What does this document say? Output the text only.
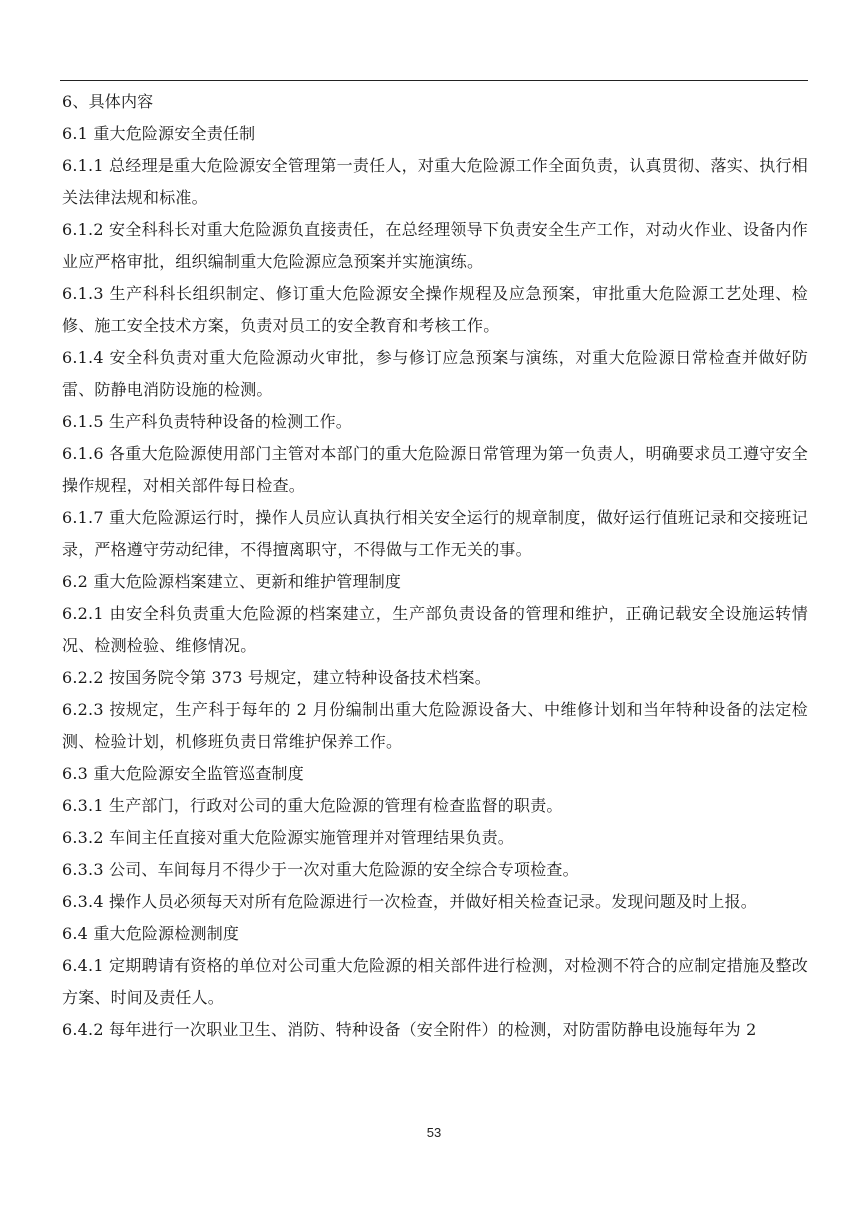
6、具体内容

6.1 重大危险源安全责任制

6.1.1 总经理是重大危险源安全管理第一责任人，对重大危险源工作全面负责，认真贯彻、落实、执行相关法律法规和标准。

6.1.2 安全科科长对重大危险源负直接责任，在总经理领导下负责安全生产工作，对动火作业、设备内作业应严格审批，组织编制重大危险源应急预案并实施演练。

6.1.3 生产科科长组织制定、修订重大危险源安全操作规程及应急预案，审批重大危险源工艺处理、检修、施工安全技术方案，负责对员工的安全教育和考核工作。

6.1.4 安全科负责对重大危险源动火审批，参与修订应急预案与演练，对重大危险源日常检查并做好防雷、防静电消防设施的检测。

6.1.5 生产科负责特种设备的检测工作。

6.1.6 各重大危险源使用部门主管对本部门的重大危险源日常管理为第一负责人，明确要求员工遵守安全操作规程，对相关部件每日检查。

6.1.7 重大危险源运行时，操作人员应认真执行相关安全运行的规章制度，做好运行值班记录和交接班记录，严格遵守劳动纪律，不得擅离职守，不得做与工作无关的事。

6.2 重大危险源档案建立、更新和维护管理制度

6.2.1 由安全科负责重大危险源的档案建立，生产部负责设备的管理和维护，正确记载安全设施运转情况、检测检验、维修情况。

6.2.2 按国务院令第 373 号规定，建立特种设备技术档案。

6.2.3 按规定，生产科于每年的 2 月份编制出重大危险源设备大、中维修计划和当年特种设备的法定检测、检验计划，机修班负责日常维护保养工作。

6.3 重大危险源安全监管巡查制度

6.3.1 生产部门，行政对公司的重大危险源的管理有检查监督的职责。

6.3.2 车间主任直接对重大危险源实施管理并对管理结果负责。

6.3.3 公司、车间每月不得少于一次对重大危险源的安全综合专项检查。

6.3.4 操作人员必须每天对所有危险源进行一次检查，并做好相关检查记录。发现问题及时上报。

6.4 重大危险源检测制度

6.4.1 定期聘请有资格的单位对公司重大危险源的相关部件进行检测，对检测不符合的应制定措施及整改方案、时间及责任人。

6.4.2 每年进行一次职业卫生、消防、特种设备（安全附件）的检测，对防雷防静电设施每年为 2

53
